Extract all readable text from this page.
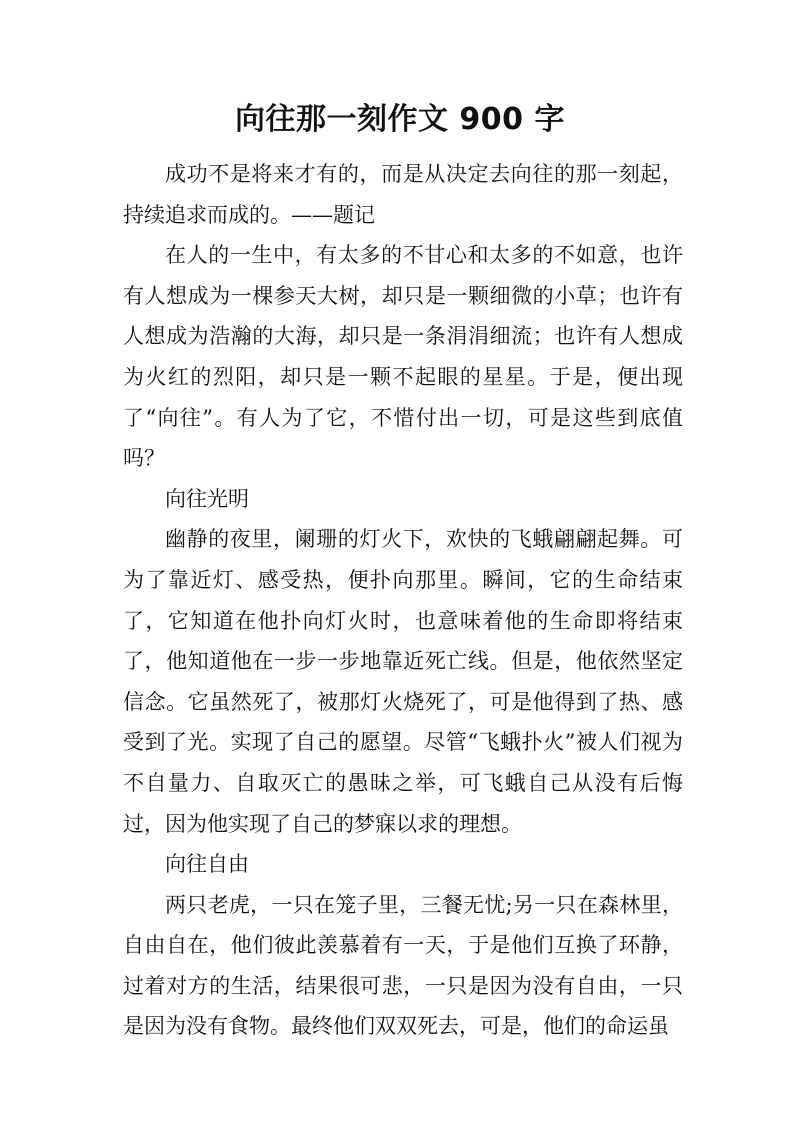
向往那一刻作文 900 字

成功不是将来才有的，而是从决定去向往的那一刻起，持续追求而成的。——题记

在人的一生中，有太多的不甘心和太多的不如意，也许有人想成为一棵参天大树，却只是一颗细微的小草；也许有人想成为浩瀚的大海，却只是一条涓涓细流；也许有人想成为火红的烈阳，却只是一颗不起眼的星星。于是，便出现了“向往”。有人为了它，不惜付出一切，可是这些到底值吗？

向往光明

幽静的夜里，阑珊的灯火下，欢快的飞蛾翩翩起舞。可为了靠近灯、感受热，便扑向那里。瞬间，它的生命结束了，它知道在他扑向灯火时，也意味着他的生命即将结束了，他知道他在一步一步地靠近死亡线。但是，他依然坚定信念。它虽然死了，被那灯火烧死了，可是他得到了热、感受到了光。实现了自己的愿望。尽管“飞蛾扑火”被人们视为不自量力、自取灭亡的愚昧之举，可飞蛾自己从没有后悔过，因为他实现了自己的梦寐以求的理想。

向往自由

两只老虎，一只在笼子里，三餐无忧;另一只在森林里，自由自在，他们彼此羡慕着有一天，于是他们互换了环静，过着对方的生活，结果很可悲，一只是因为没有自由，一只是因为没有食物。最终他们双双死去，可是，他们的命运虽
